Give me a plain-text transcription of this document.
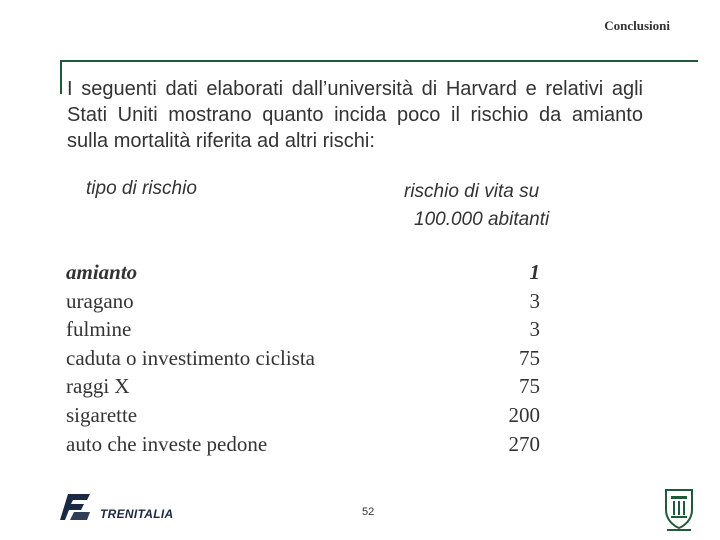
Conclusioni
I seguenti dati elaborati dall’università di Harvard e relativi agli Stati Uniti mostrano quanto incida poco il rischio da amianto sulla mortalità riferita ad altri rischi:
tipo di rischio	rischio di vita su
100.000 abitanti
amianto	1
uragano	3
fulmine	3
caduta o investimento ciclista	75
raggi X	75
sigarette	200
auto che investe pedone	270
TRENITALIA	52
